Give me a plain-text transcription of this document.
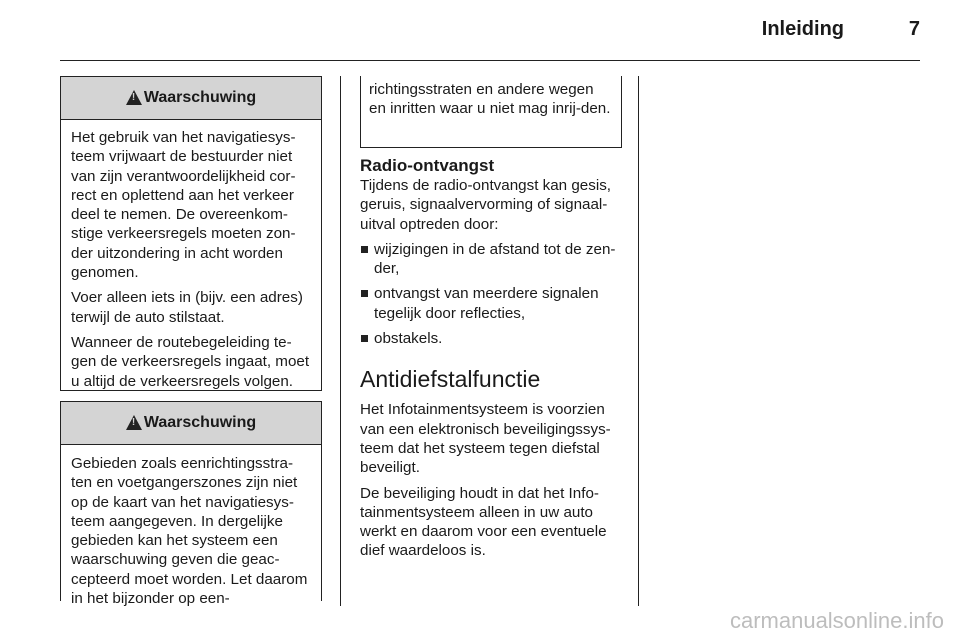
Inleiding	7
!
Waarschuwing

Het gebruik van het navigatiesys-teem vrijwaart de bestuurder niet van zijn verantwoordelijkheid cor-rect en oplettend aan het verkeer deel te nemen. De overeenkom-stige verkeersregels moeten zon-der uitzondering in acht worden genomen.

Voer alleen iets in (bijv. een adres) terwijl de auto stilstaat.

Wanneer de routebegeleiding te-gen de verkeersregels ingaat, moet u altijd de verkeersregels volgen.

!
Waarschuwing

Gebieden zoals eenrichtingsstra-ten en voetgangerszones zijn niet op de kaart van het navigatiesys-teem aangegeven. In dergelijke gebieden kan het systeem een waarschuwing geven die geac-cepteerd moet worden. Let daarom in het bijzonder op een-

richtingsstraten en andere wegen en inritten waar u niet mag inrij-den.
Radio-ontvangst

Tijdens de radio-ontvangst kan gesis, geruis, signaalvervorming of signaal-uitval optreden door:

wijzigingen in de afstand tot de zen-der,
ontvangst van meerdere signalen tegelijk door reflecties,
obstakels.
Antidiefstalfunctie

Het Infotainmentsysteem is voorzien van een elektronisch beveiligingssys-teem dat het systeem tegen diefstal beveiligt.

De beveiliging houdt in dat het Info-tainmentsysteem alleen in uw auto werkt en daarom voor een eventuele dief waardeloos is.

carmanualsonline.info
